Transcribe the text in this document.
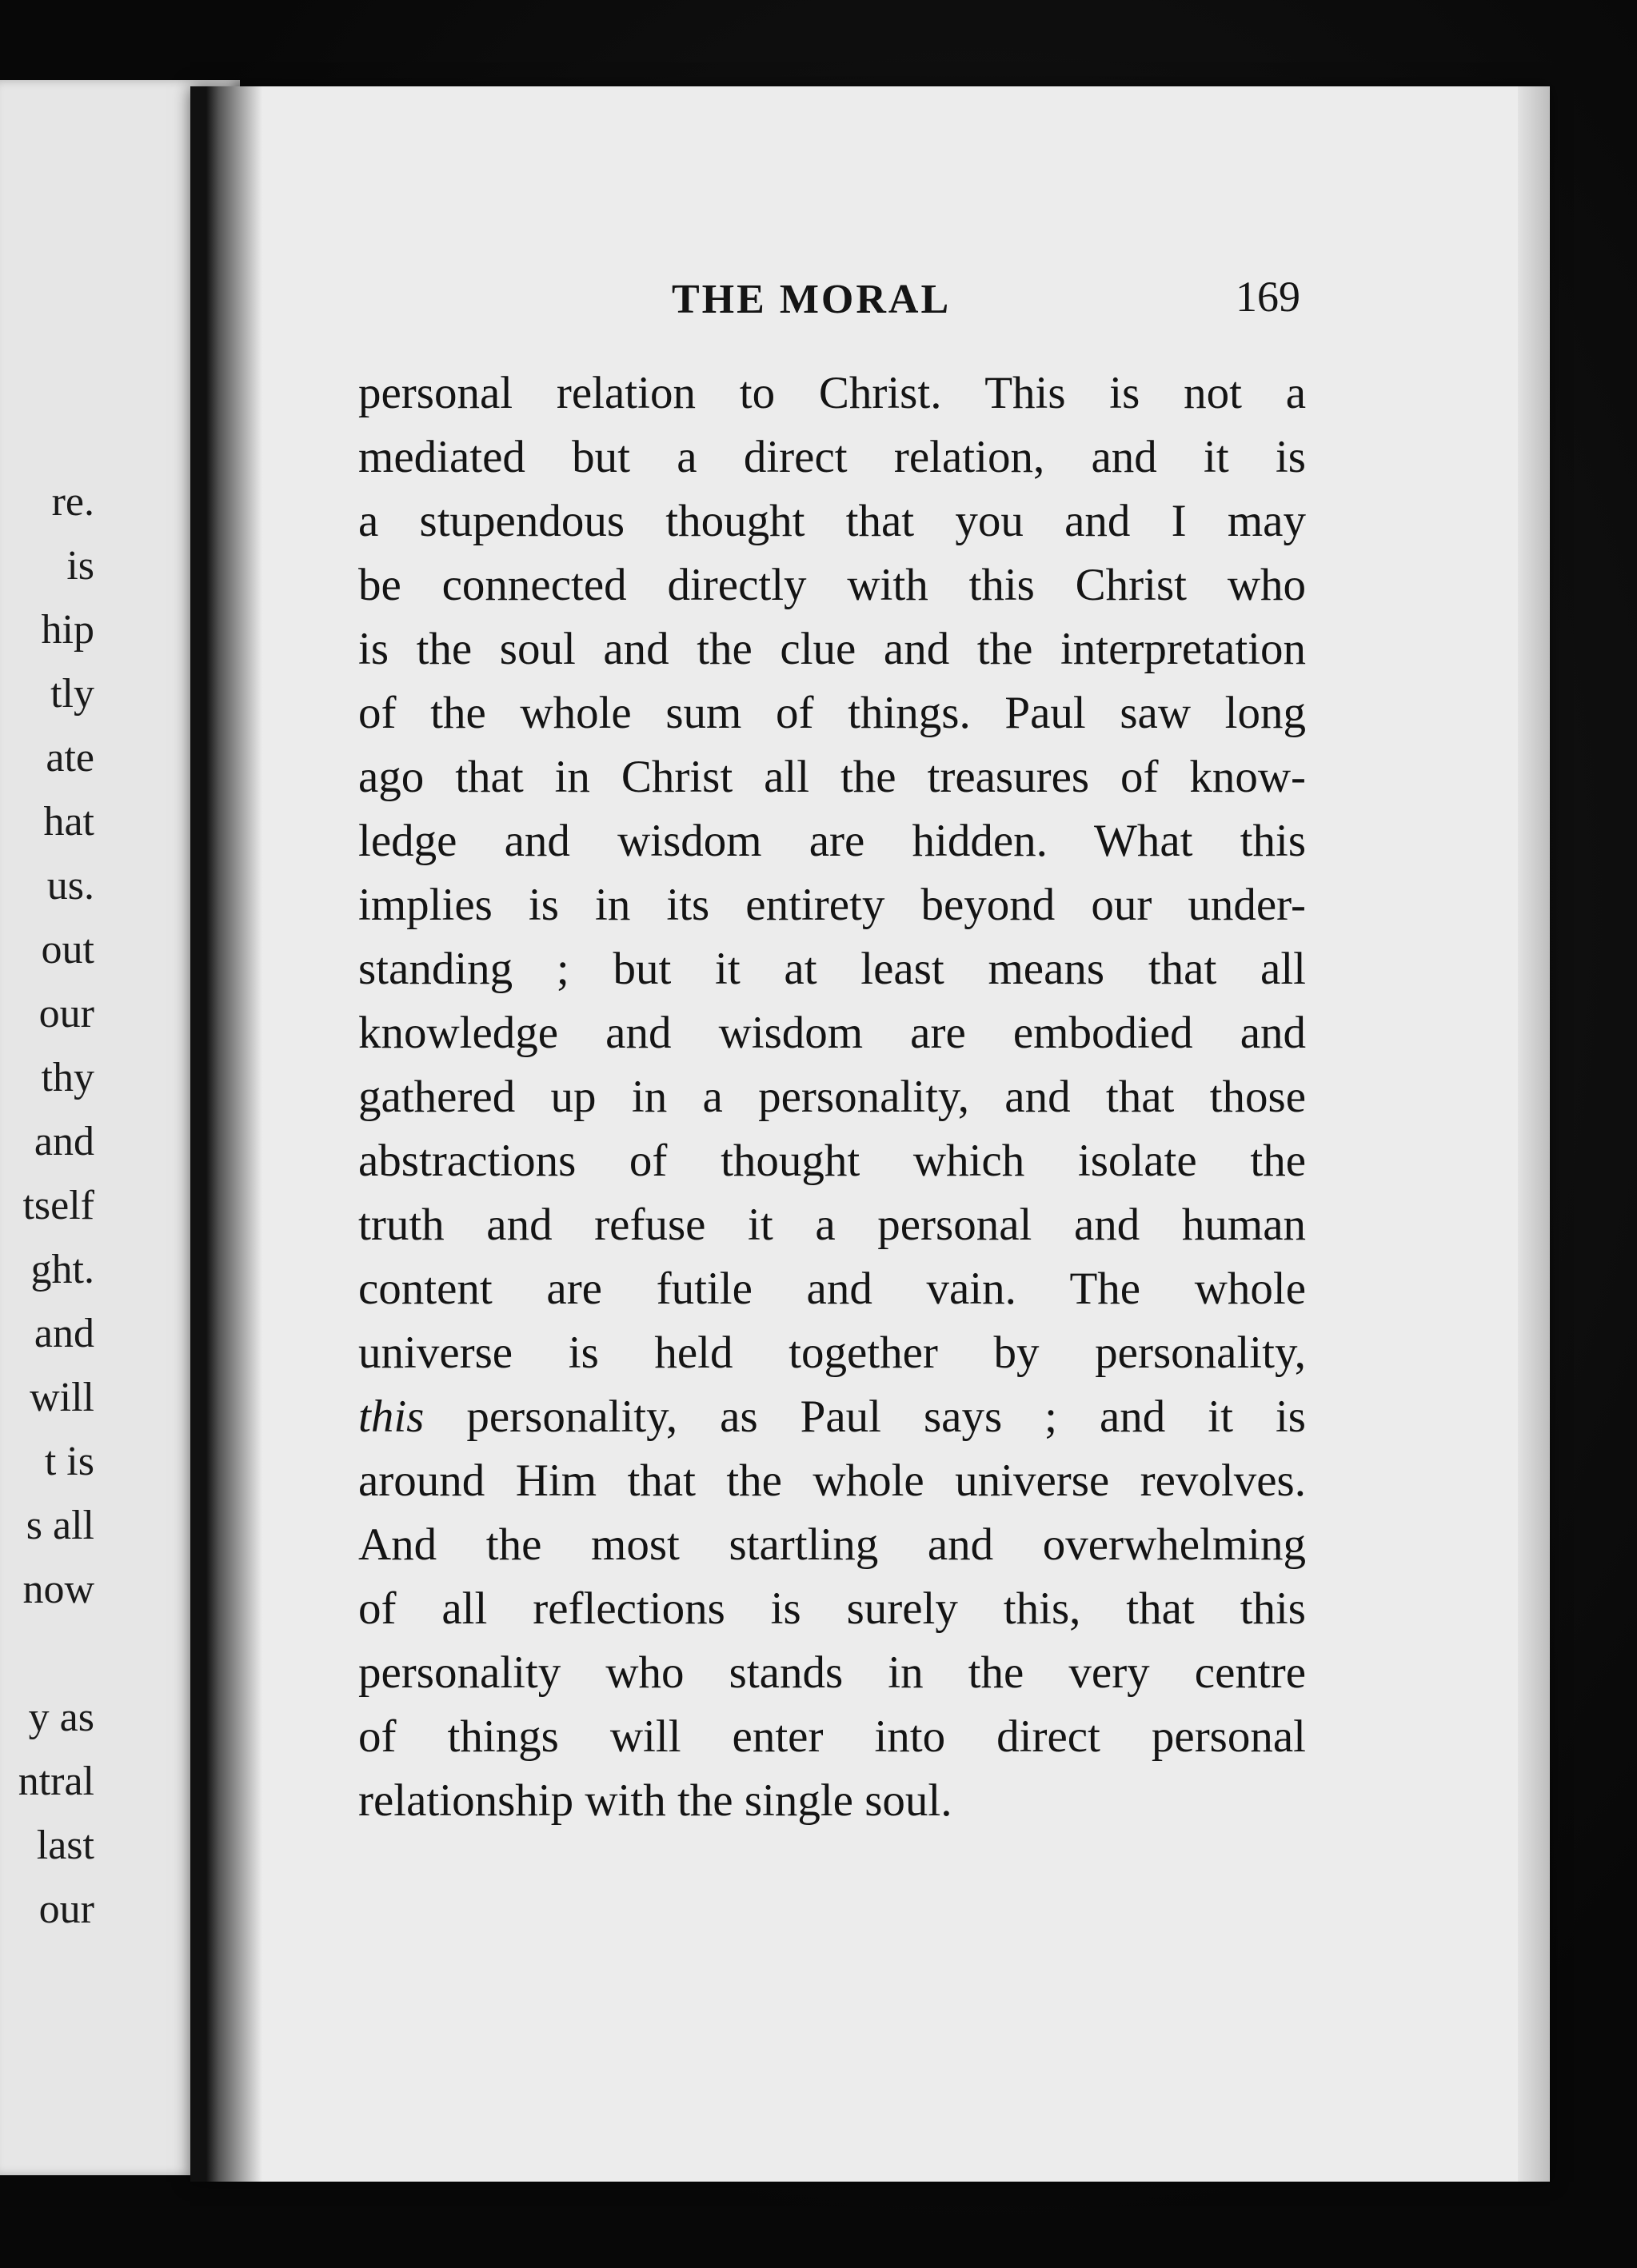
re.
is
hip
tly
ate
hat
us.
out
our
thy
and
tself
ght.
and
will
t is
s all
now
y as
ntral
last
our
THE MORAL	169
personal relation to Christ. This is not a
mediated but a direct relation, and it is
a stupendous thought that you and I may
be connected directly with this Christ who
is the soul and the clue and the interpretation
of the whole sum of things. Paul saw long
ago that in Christ all the treasures of know-
ledge and wisdom are hidden. What this
implies is in its entirety beyond our under-
standing ; but it at least means that all
knowledge and wisdom are embodied and
gathered up in a personality, and that those
abstractions of thought which isolate the
truth and refuse it a personal and human
content are futile and vain. The whole
universe is held together by personality,
this personality, as Paul says ; and it is
around Him that the whole universe revolves.
And the most startling and overwhelming
of all reflections is surely this, that this
personality who stands in the very centre
of things will enter into direct personal
relationship with the single soul.
